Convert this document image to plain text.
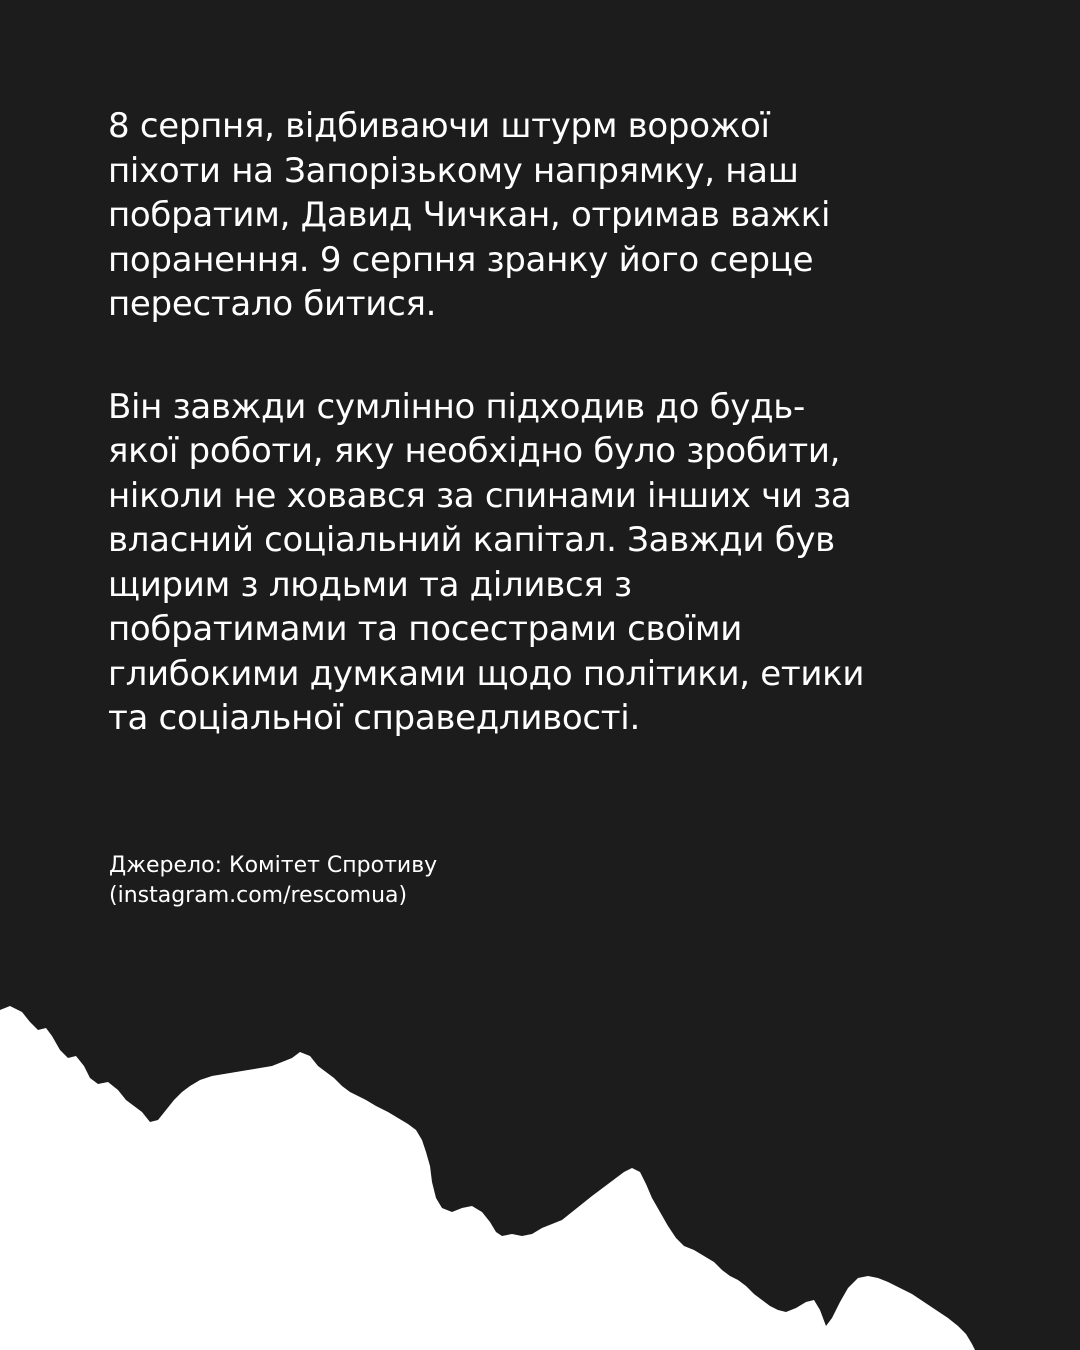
8 серпня, відбиваючи штурм ворожої
піхоти на Запорізькому напрямку, наш
побратим, Давид Чичкан, отримав важкі
поранення. 9 серпня зранку його серце
перестало битися.
Він завжди сумлінно підходив до будь-
якої роботи, яку необхідно було зробити,
ніколи не ховався за спинами інших чи за
власний соціальний капітал. Завжди був
щирим з людьми та ділився з
побратимами та посестрами своїми
глибокими думками щодо політики, етики
та соціальної справедливості.
Джерело: Комітет Спротиву
(instagram.com/rescomua)
